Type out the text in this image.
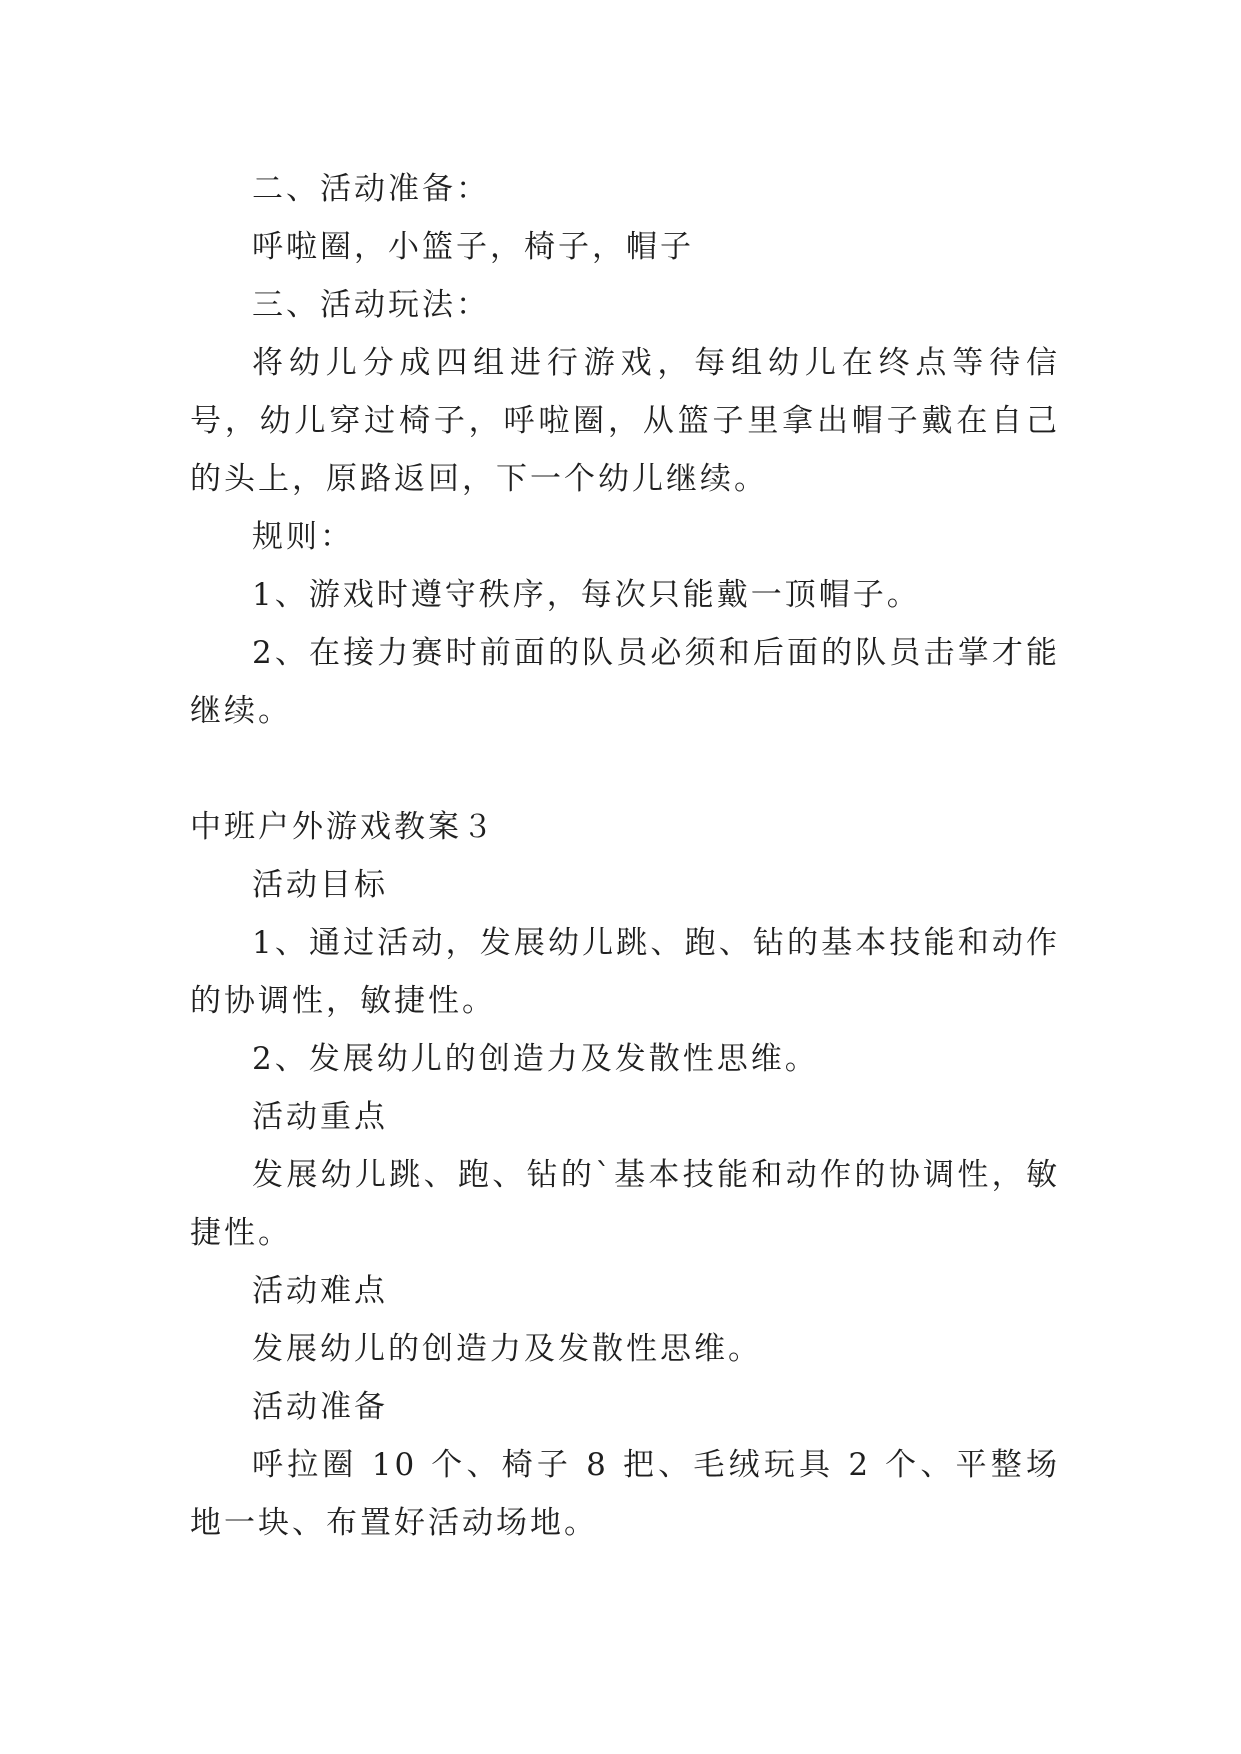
二、活动准备：

呼啦圈，小篮子，椅子，帽子

三、活动玩法：

将幼儿分成四组进行游戏，每组幼儿在终点等待信号，幼儿穿过椅子，呼啦圈，从篮子里拿出帽子戴在自己的头上，原路返回，下一个幼儿继续。

规则：

1、游戏时遵守秩序，每次只能戴一顶帽子。

2、在接力赛时前面的队员必须和后面的队员击掌才能继续。

中班户外游戏教案３

活动目标

1、通过活动，发展幼儿跳、跑、钻的基本技能和动作的协调性，敏捷性。

2、发展幼儿的创造力及发散性思维。

活动重点

发展幼儿跳、跑、钻的`基本技能和动作的协调性，敏捷性。

活动难点

发展幼儿的创造力及发散性思维。

活动准备

呼拉圈 10 个、椅子 8 把、毛绒玩具 2 个、平整场地一块、布置好活动场地。
